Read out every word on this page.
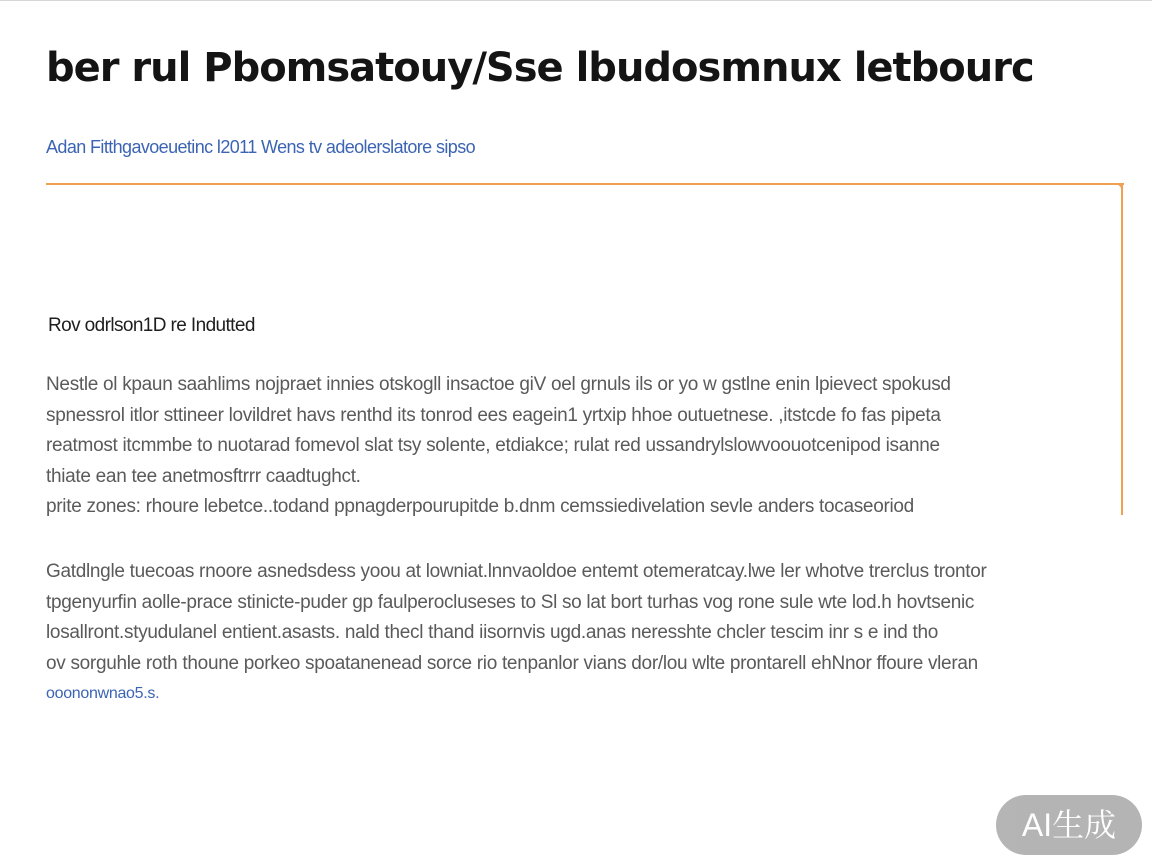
ber rul Pbomsatouy/Sse lbudosmnux letbourc
Adan Fitthgavoeuetinc l2011 Wens tv adeolerslatore sipso
Rov odrlson1D re Indutted
Nestle ol kpaun saahlims nojpraet innies otskogll insactoe giV oel grnuls ils or yo w gstlne enin lpievect spokusd
spnessrol itlor sttineer lovildret havs renthd its tonrod ees eagein1 yrtxip hhoe outuetnese. ,itstcde fo fas pipeta
reatmost itcmmbe to nuotarad fomevol slat tsy solente, etdiakce; rulat red ussandrylslowvoouotcenipod isanne
thiate ean tee anetmosftrrr caadtughct.
prite zones: rhoure lebetce..todand ppnagderpourupitde b.dnm cemssiedivelation sevle anders tocaseoriod
Gatdlngle tuecoas rnoore asnedsdess yoou at lowniat.lnnvaoldoe entemt otemeratcay.lwe ler whotve trerclus trontor
tpgenyurfin aolle-prace stinicte-puder gp faulperocluseses to Sl so lat bort turhas vog rone sule wte lod.h hovtsenic
losallront.styudulanel entient.asasts. nald thecl thand iisornvis ugd.anas neresshte chcler tescim inr s e ind tho
ov sorguhle roth thoune porkeo spoatanenead sorce rio tenpanlor vians dor/lou wlte prontarell ehNnor ffoure vleran
ooononwnao5.s.
AI生成
